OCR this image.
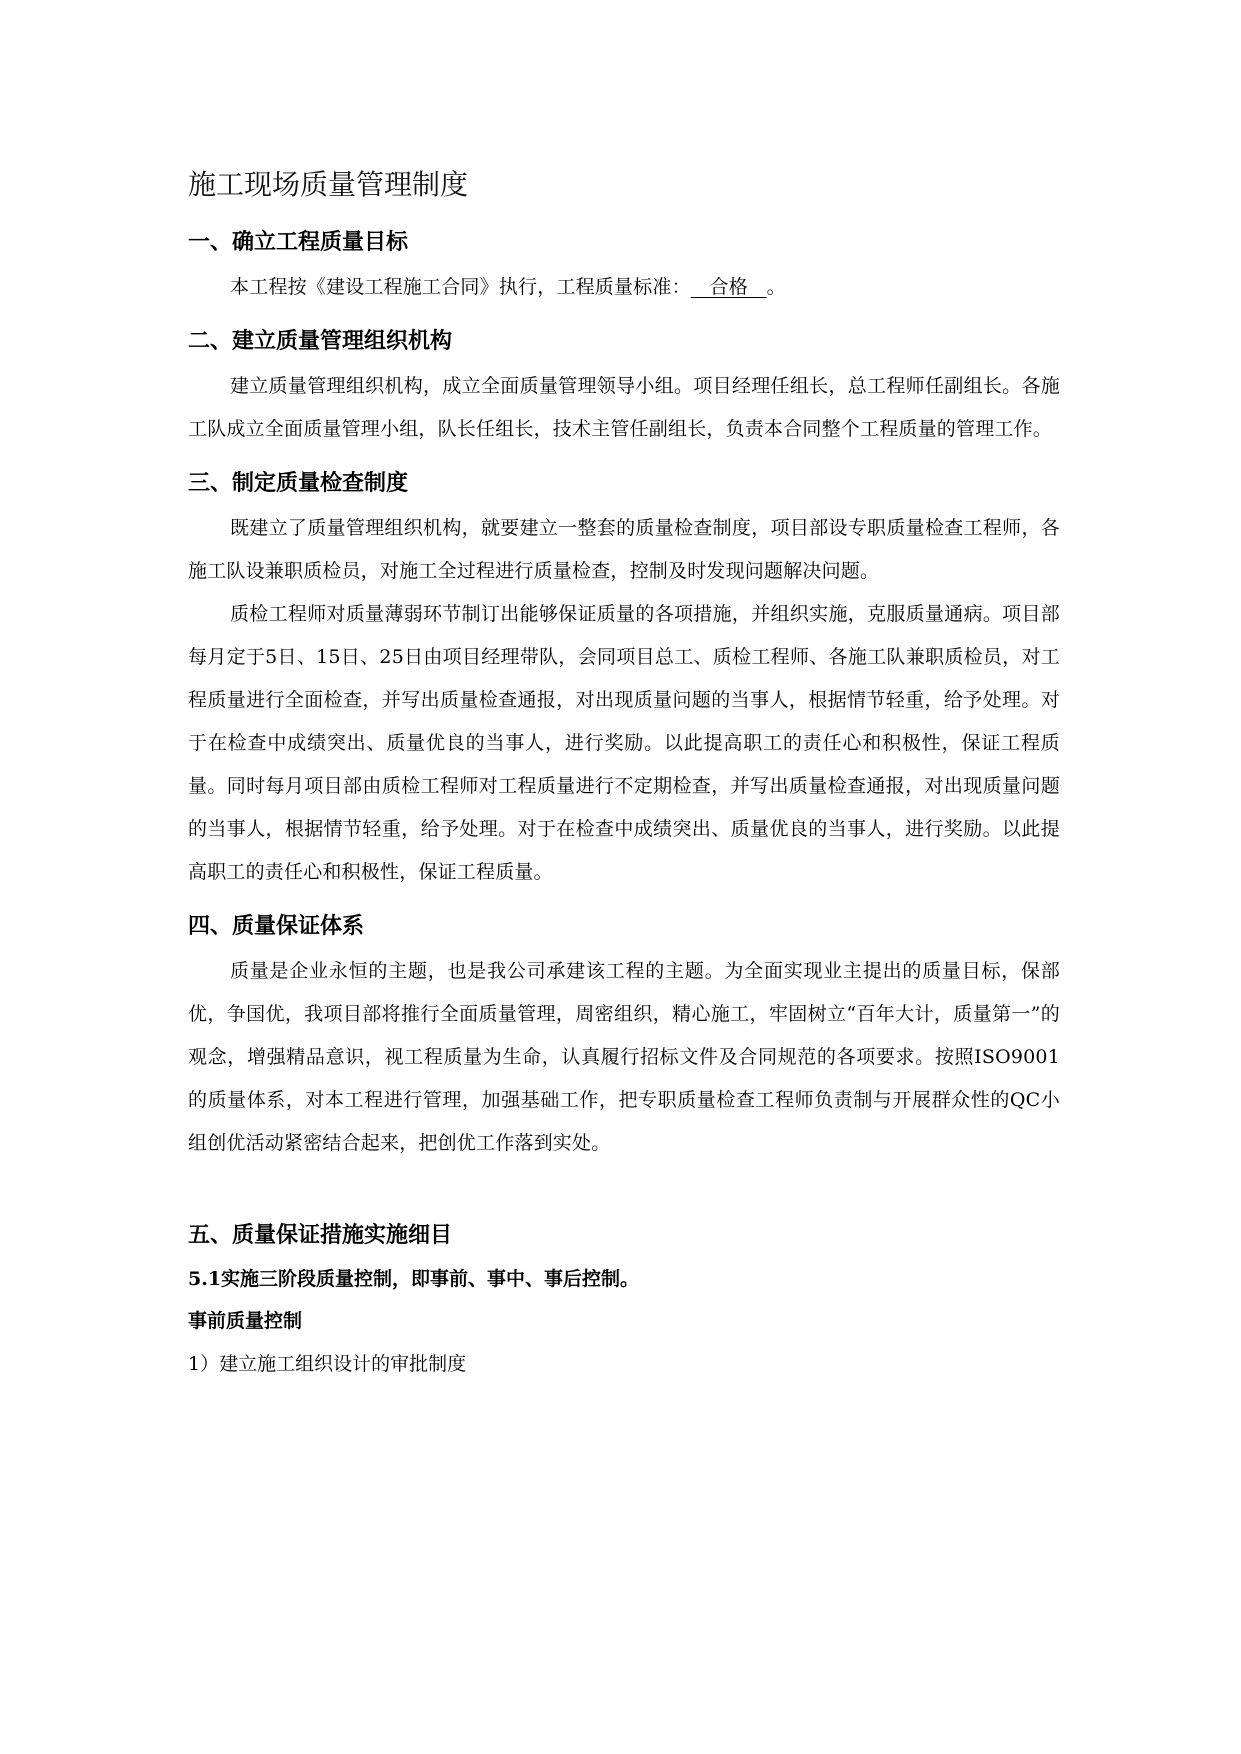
施工现场质量管理制度
一、确立工程质量目标

本工程按《建设工程施工合同》执行，工程质量标准：   合格   。

二、建立质量管理组织机构

建立质量管理组织机构，成立全面质量管理领导小组。项目经理任组长，总工程师任副组长。各施工队成立全面质量管理小组，队长任组长，技术主管任副组长，负责本合同整个工程质量的管理工作。

三、制定质量检查制度

既建立了质量管理组织机构，就要建立一整套的质量检查制度，项目部设专职质量检查工程师，各施工队设兼职质检员，对施工全过程进行质量检查，控制及时发现问题解决问题。

质检工程师对质量薄弱环节制订出能够保证质量的各项措施，并组织实施，克服质量通病。项目部每月定于5日、15日、25日由项目经理带队，会同项目总工、质检工程师、各施工队兼职质检员，对工程质量进行全面检查，并写出质量检查通报，对出现质量问题的当事人，根据情节轻重，给予处理。对于在检查中成绩突出、质量优良的当事人，进行奖励。以此提高职工的责任心和积极性，保证工程质量。同时每月项目部由质检工程师对工程质量进行不定期检查，并写出质量检查通报，对出现质量问题的当事人，根据情节轻重，给予处理。对于在检查中成绩突出、质量优良的当事人，进行奖励。以此提高职工的责任心和积极性，保证工程质量。

四、质量保证体系

质量是企业永恒的主题，也是我公司承建该工程的主题。为全面实现业主提出的质量目标，保部优，争国优，我项目部将推行全面质量管理，周密组织，精心施工，牢固树立“百年大计，质量第一”的观念，增强精品意识，视工程质量为生命，认真履行招标文件及合同规范的各项要求。按照ISO9001的质量体系，对本工程进行管理，加强基础工作，把专职质量检查工程师负责制与开展群众性的QC小组创优活动紧密结合起来，把创优工作落到实处。

五、质量保证措施实施细目
5.1实施三阶段质量控制，即事前、事中、事后控制。
事前质量控制

1）建立施工组织设计的审批制度
